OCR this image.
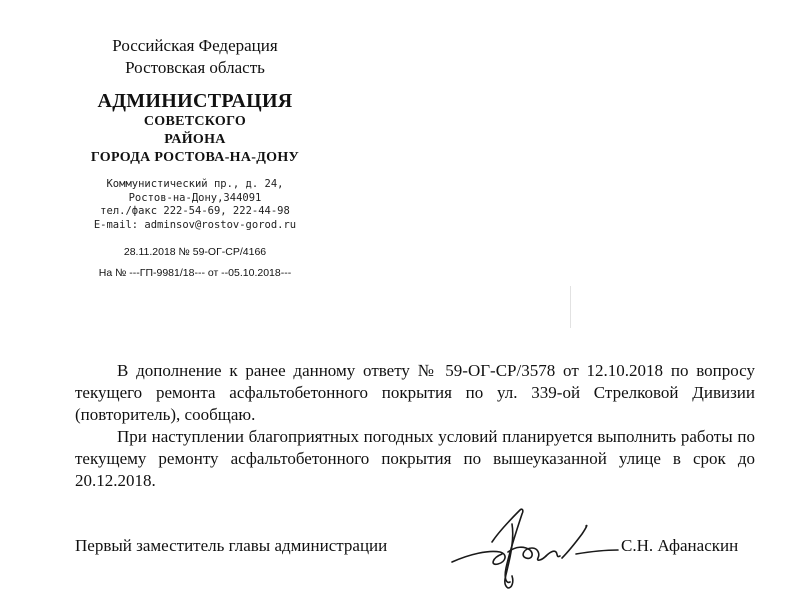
Российская Федерация
Ростовская область
АДМИНИСТРАЦИЯ
СОВЕТСКОГО
РАЙОНА
ГОРОДА РОСТОВА-НА-ДОНУ
Коммунистический пр., д. 24,
Ростов-на-Дону,344091
тел./факс 222-54-69, 222-44-98
E-mail: adminsov@rostov-gorod.ru
28.11.2018 № 59-ОГ-СР/4166
На № ---ГП-9981/18--- от --05.10.2018---

В дополнение к ранее данному ответу № 59-ОГ-СР/3578 от 12.10.2018 по вопросу текущего ремонта асфальтобетонного покрытия по ул. 339-ой Стрелковой Дивизии (повторитель), сообщаю.

При наступлении благоприятных погодных условий планируется выполнить работы по текущему ремонту асфальтобетонного покрытия по вышеуказанной улице в срок до 20.12.2018.

Первый заместитель главы администрации	С.Н. Афанаскин
